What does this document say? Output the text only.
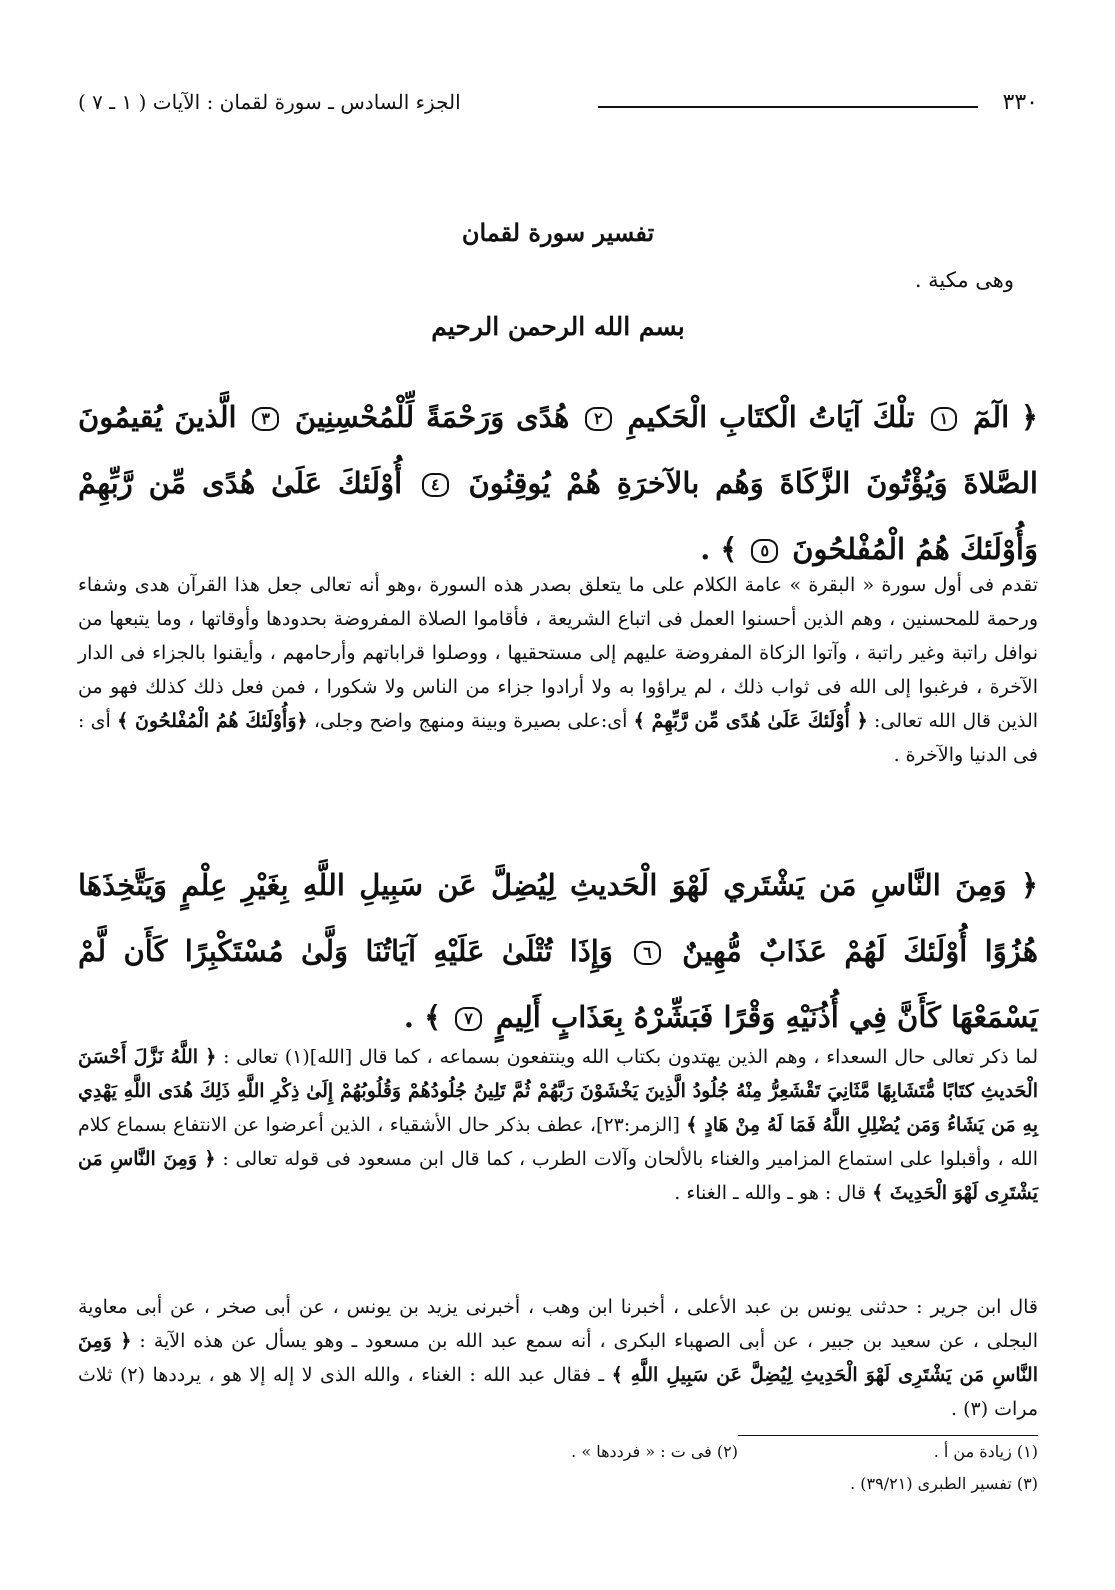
٣٣٠
الجزء السادس ـ سورة لقمان : الآيات ( ١ ـ ٧ )
تفسير سورة لقمان
وهى مكية .
بسم الله الرحمن الرحيم
﴿ الٓمٓ ١ تلْكَ آيَاتُ الْكتَابِ الْحَكيمِ ٢ هُدًى وَرَحْمَةً لِّلْمُحْسِنِينَ ٣ الَّذينَ يُقيمُونَ الصَّلاةَ وَيُؤْتُونَ الزَّكَاةَ وَهُم بالآخرَةِ هُمْ يُوقِنُونَ ٤ أُوْلَئكَ عَلَىٰ هُدًى مِّن رَّبِّهِمْ وَأُوْلَئكَ هُمُ الْمُفْلحُونَ ٥ ﴾ .
تقدم فى أول سورة « البقرة » عامة الكلام على ما يتعلق بصدر هذه السورة ،وهو أنه تعالى جعل هذا القرآن هدى وشفاء ورحمة للمحسنين ، وهم الذين أحسنوا العمل فى اتباع الشريعة ، فأقاموا الصلاة المفروضة بحدودها وأوقاتها ، وما يتبعها من نوافل راتبة وغير راتبة ، وآتوا الزكاة المفروضة عليهم إلى مستحقيها ، ووصلوا قراباتهم وأرحامهم ، وأيقنوا بالجزاء فى الدار الآخرة ، فرغبوا إلى الله فى ثواب ذلك ، لم يراؤوا به ولا أرادوا جزاء من الناس ولا شكورا ، فمن فعل ذلك كذلك فهو من الذين قال الله تعالى: ﴿ أُوْلَئكَ عَلَىٰ هُدًى مِّن رَّبِّهِمْ ﴾ أى:على بصيرة وبينة ومنهج واضح وجلى، ﴿وَأُوْلَئكَ هُمُ الْمُفْلحُونَ ﴾ أى : فى الدنيا والآخرة .
﴿ وَمِنَ النَّاسِ مَن يَشْتَري لَهْوَ الْحَديثِ لِيُضِلَّ عَن سَبِيلِ اللَّهِ بِغَيْرِ عِلْمٍ وَيَتَّخِذَهَا هُزُوًا أُوْلَئكَ لَهُمْ عَذَابٌ مُّهِينٌ ٦ وَإِذَا تُتْلَىٰ عَلَيْهِ آيَاتُنَا وَلَّىٰ مُسْتَكْبِرًا كَأَن لَّمْ يَسْمَعْهَا كَأَنَّ فِي أُذُنَيْهِ وَقْرًا فَبَشِّرْهُ بِعَذَابٍ أَلِيمٍ ٧ ﴾ .
لما ذكر تعالى حال السعداء ، وهم الذين يهتدون بكتاب الله وينتفعون بسماعه ، كما قال [الله](١) تعالى : ﴿ اللَّهُ نَزَّلَ أَحْسَنَ الْحَديثِ كتَابًا مُّتَشَابِهًا مَّثَانِيَ تَقْشَعِرُّ مِنْهُ جُلُودُ الَّذِينَ يَخْشَوْنَ رَبَّهُمْ ثُمَّ تَلِينُ جُلُودُهُمْ وَقُلُوبُهُمْ إِلَىٰ ذِكْرِ اللَّهِ ذَلِكَ هُدَى اللَّهِ يَهْدِي بِهِ مَن يَشَاءُ وَمَن يُضْلِلِ اللَّهُ فَمَا لَهُ مِنْ هَادٍ ﴾ [الزمر:٢٣]، عطف بذكر حال الأشقياء ، الذين أعرضوا عن الانتفاع بسماع كلام الله ، وأقبلوا على استماع المزامير والغناء بالألحان وآلات الطرب ، كما قال ابن مسعود فى قوله تعالى : ﴿ وَمِنَ النَّاسِ مَن يَشْتَرِى لَهْوَ الْحَدِيثَ ﴾ قال : هو ـ والله ـ الغناء .
قال ابن جرير : حدثنى يونس بن عبد الأعلى ، أخبرنا ابن وهب ، أخبرنى يزيد بن يونس ، عن أبى صخر ، عن أبى معاوية البجلى ، عن سعيد بن جبير ، عن أبى الصهباء البكرى ، أنه سمع عبد الله بن مسعود ـ وهو يسأل عن هذه الآية : ﴿ وَمِنَ النَّاسِ مَن يَشْتَرِى لَهْوَ الْحَدِيثِ لِيُضِلَّ عَن سَبِيلِ اللَّهِ ﴾ ـ فقال عبد الله : الغناء ، والله الذى لا إله إلا هو ، يرددها (٢) ثلاث مرات (٣) .
(١) زيادة من أ .
(٢) فى ت : « فرددها » .
(٣) تفسير الطبرى (٣٩/٢١) .
